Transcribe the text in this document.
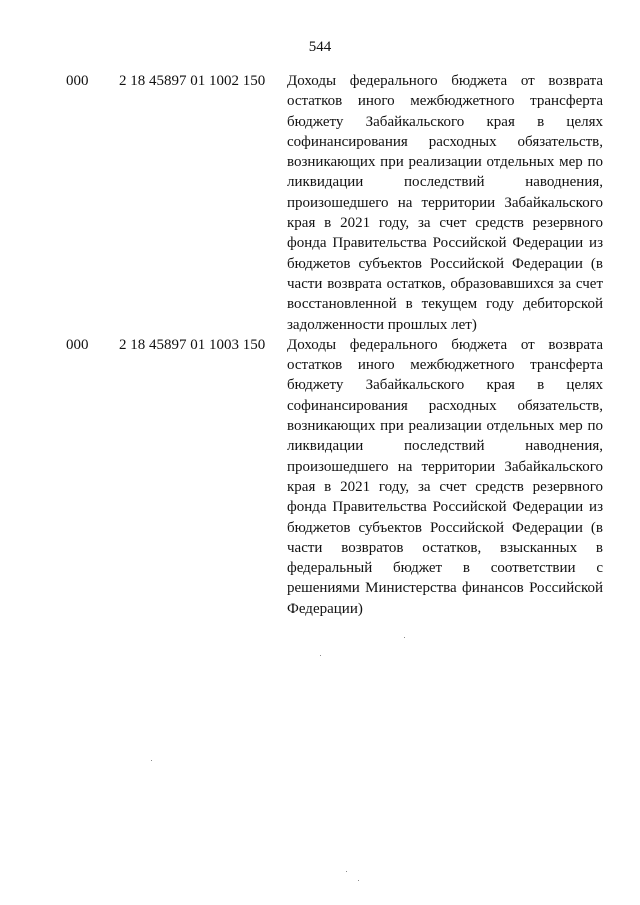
544
000 2 18 45897 01 1002 150 Доходы федерального бюджета от возврата остатков иного межбюджетного трансферта бюджету Забайкальского края в целях софинансирования расходных обязательств, возникающих при реализации отдельных мер по ликвидации последствий наводнения, произошедшего на территории Забайкальского края в 2021 году, за счет средств резервного фонда Правительства Российской Федерации из бюджетов субъектов Российской Федерации (в части возврата остатков, образовавшихся за счет восстановленной в текущем году дебиторской задолженности прошлых лет)
000 2 18 45897 01 1003 150 Доходы федерального бюджета от возврата остатков иного межбюджетного трансферта бюджету Забайкальского края в целях софинансирования расходных обязательств, возникающих при реализации отдельных мер по ликвидации последствий наводнения, произошедшего на территории Забайкальского края в 2021 году, за счет средств резервного фонда Правительства Российской Федерации из бюджетов субъектов Российской Федерации (в части возвратов остатков, взысканных в федеральный бюджет в соответствии с решениями Министерства финансов Российской Федерации)
